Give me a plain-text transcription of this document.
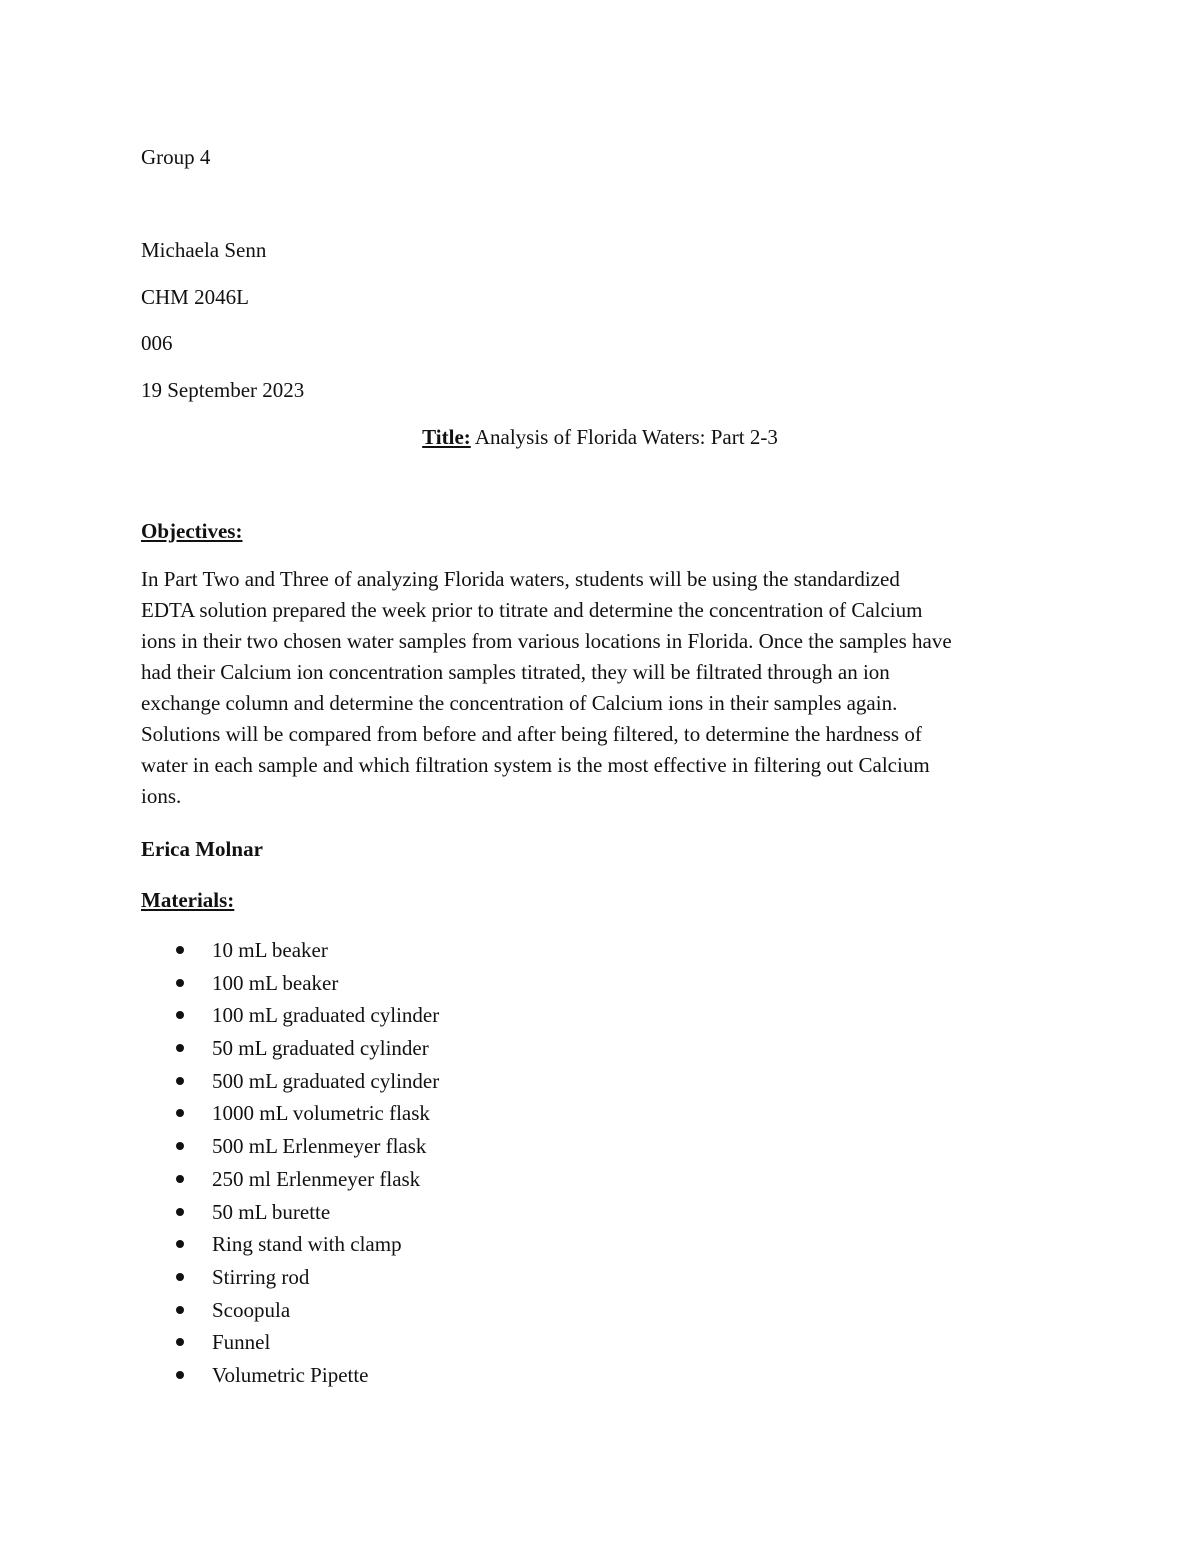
Group 4
Michaela Senn
CHM 2046L
006
19 September 2023
Title: Analysis of Florida Waters: Part 2-3
Objectives:
In Part Two and Three of analyzing Florida waters, students will be using the standardized
EDTA solution prepared the week prior to titrate and determine the concentration of Calcium
ions in their two chosen water samples from various locations in Florida. Once the samples have
had their Calcium ion concentration samples titrated, they will be filtrated through an ion
exchange column and determine the concentration of Calcium ions in their samples again.
Solutions will be compared from before and after being filtered, to determine the hardness of
water in each sample and which filtration system is the most effective in filtering out Calcium
ions.
Erica Molnar
Materials:
10 mL beaker
100 mL beaker
100 mL graduated cylinder
50 mL graduated cylinder
500 mL graduated cylinder
1000 mL volumetric flask
500 mL Erlenmeyer flask
250 ml Erlenmeyer flask
50 mL burette
Ring stand with clamp
Stirring rod
Scoopula
Funnel
Volumetric Pipette
